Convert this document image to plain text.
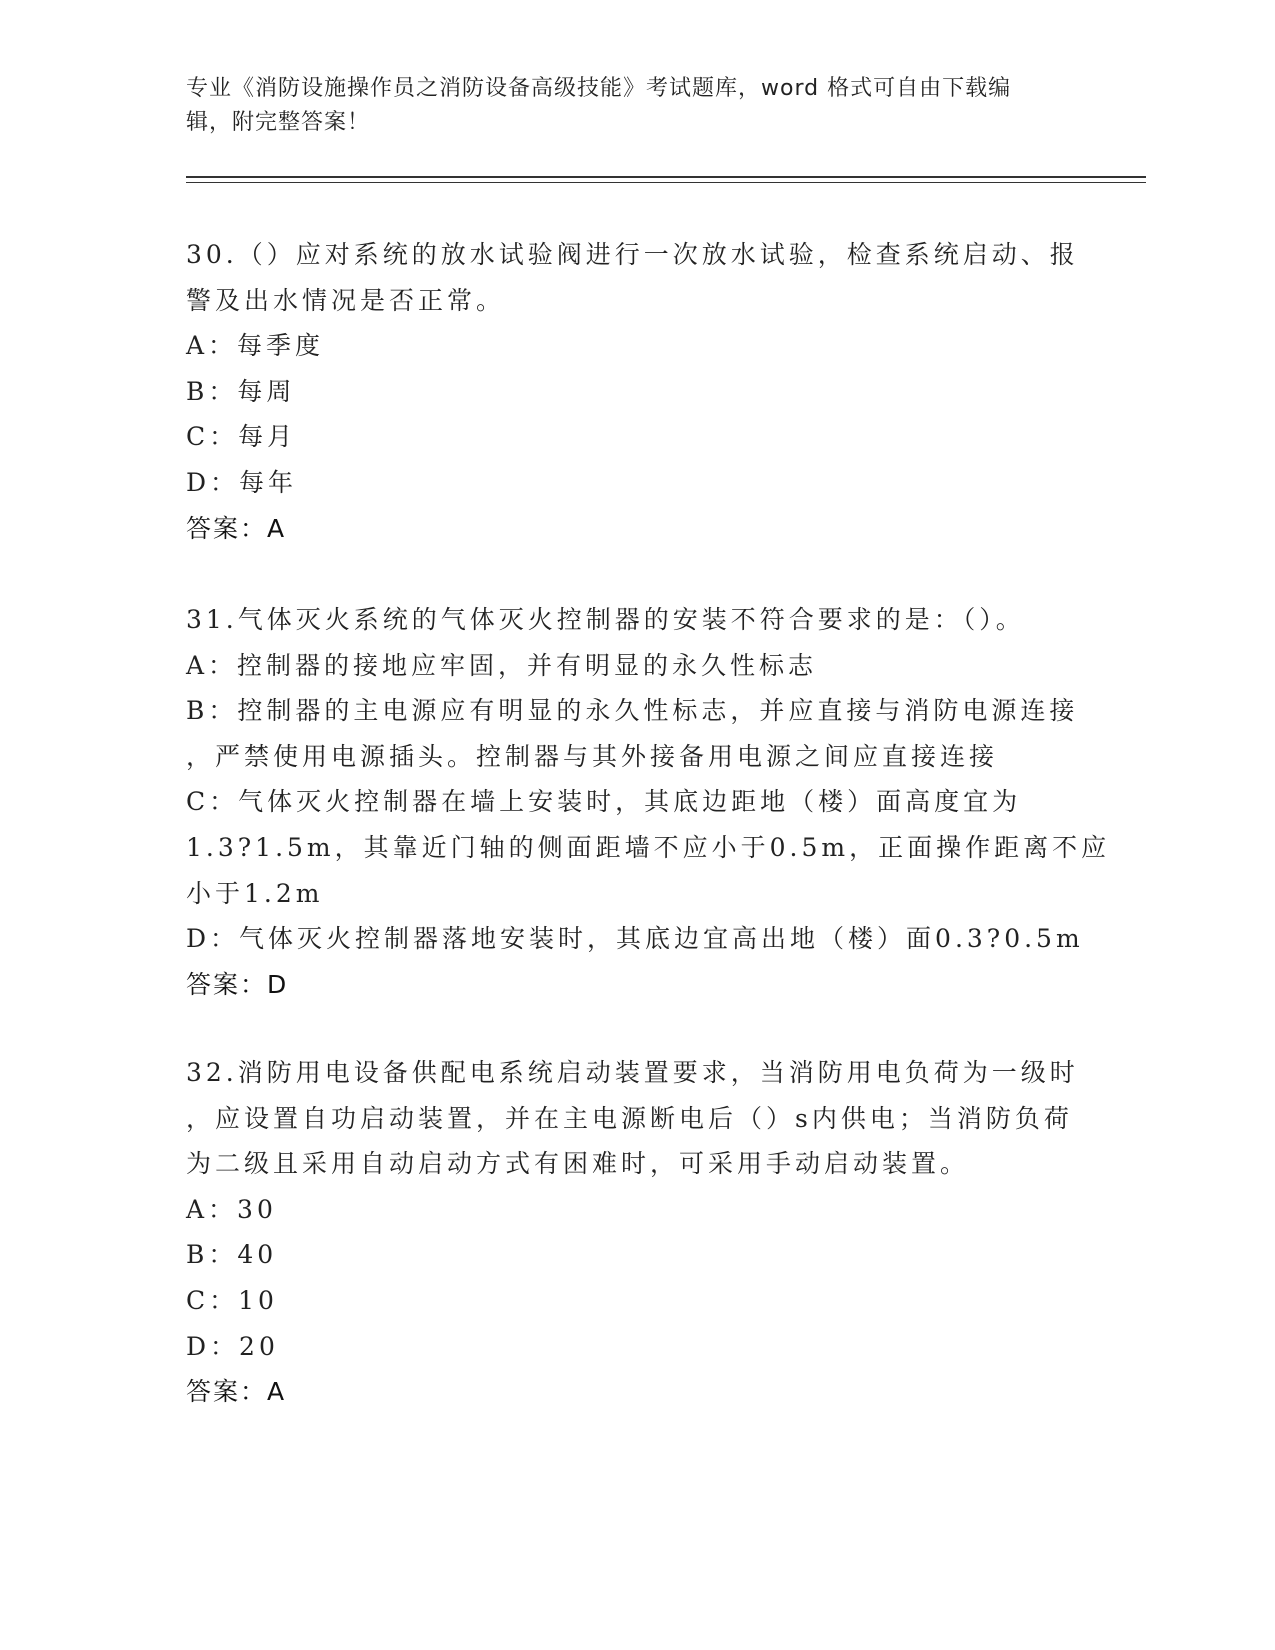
专业《消防设施操作员之消防设备高级技能》考试题库，word 格式可自由下载编
辑，附完整答案！
30.（）应对系统的放水试验阀进行一次放水试验，检查系统启动、报
警及出水情况是否正常。
A：每季度
B：每周
C：每月
D：每年
答案：A
31.气体灭火系统的气体灭火控制器的安装不符合要求的是：（）。
A：控制器的接地应牢固，并有明显的永久性标志
B：控制器的主电源应有明显的永久性标志，并应直接与消防电源连接
，严禁使用电源插头。控制器与其外接备用电源之间应直接连接
C：气体灭火控制器在墙上安装时，其底边距地（楼）面高度宜为
1.3?1.5m，其靠近门轴的侧面距墙不应小于0.5m，正面操作距离不应
小于1.2m
D：气体灭火控制器落地安装时，其底边宜高出地（楼）面0.3?0.5m
答案：D
32.消防用电设备供配电系统启动装置要求，当消防用电负荷为一级时
，应设置自功启动装置，并在主电源断电后（）s内供电；当消防负荷
为二级且采用自动启动方式有困难时，可采用手动启动装置。
A：30
B：40
C：10
D：20
答案：A
